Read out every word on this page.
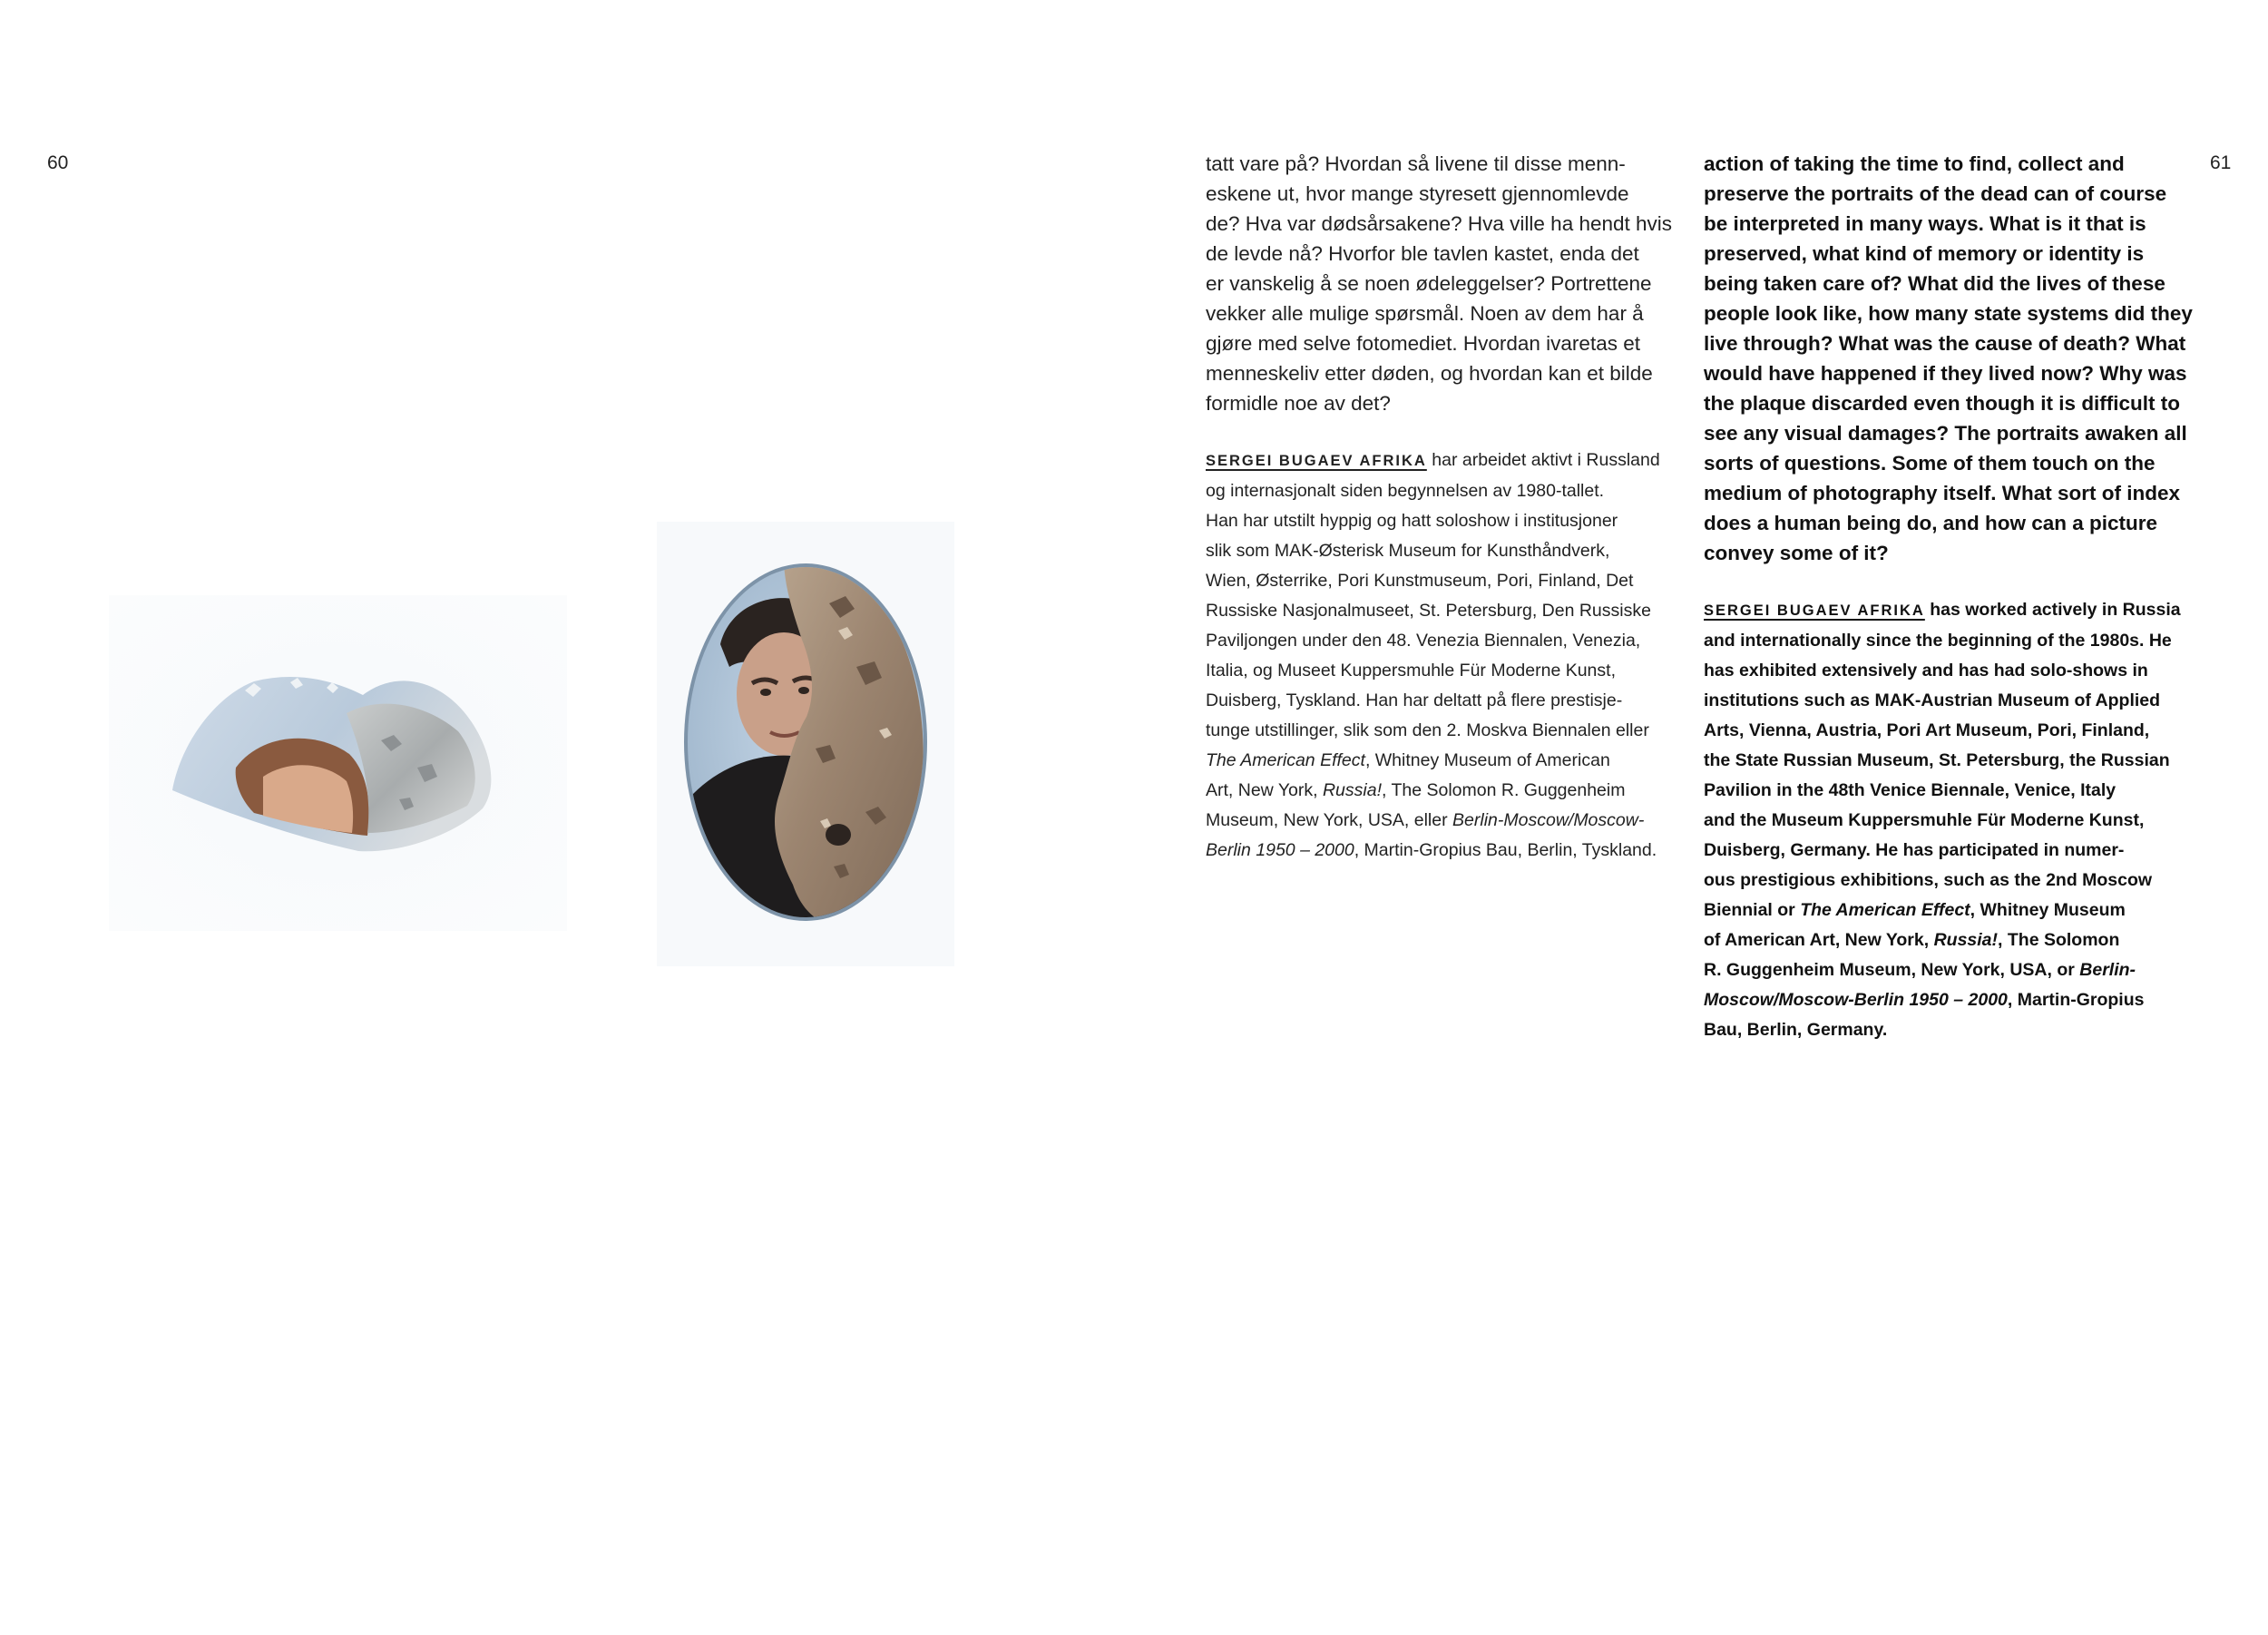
60	61

tatt vare på? Hvordan så livene til disse menn-
eskene ut, hvor mange styresett gjennomlevde
de? Hva var dødsårsakene? Hva ville ha hendt hvis
de levde nå? Hvorfor ble tavlen kastet, enda det
er vanskelig å se noen ødeleggelser? Portrettene
vekker alle mulige spørsmål. Noen av dem har å
gjøre med selve fotomediet. Hvordan ivaretas et
menneskeliv etter døden, og hvordan kan et bilde
formidle noe av det?

SERGEI BUGAEV AFRIKA har arbeidet aktivt i Russland
og internasjonalt siden begynnelsen av 1980-tallet.
Han har utstilt hyppig og hatt soloshow i institusjoner
slik som MAK-Østerisk Museum for Kunsthåndverk,
Wien, Østerrike, Pori Kunstmuseum, Pori, Finland, Det
Russiske Nasjonalmuseet, St. Petersburg, Den Russiske
Paviljongen under den 48. Venezia Biennalen, Venezia,
Italia, og Museet Kuppersmuhle Für Moderne Kunst,
Duisberg, Tyskland. Han har deltatt på flere prestisje-
tunge utstillinger, slik som den 2. Moskva Biennalen eller
The American Effect, Whitney Museum of American
Art, New York, Russia!, The Solomon R. Guggenheim
Museum, New York, USA, eller Berlin-Moscow/Moscow-
Berlin 1950 – 2000, Martin-Gropius Bau, Berlin, Tyskland.

action of taking the time to find, collect and
preserve the portraits of the dead can of course
be interpreted in many ways. What is it that is
preserved, what kind of memory or identity is
being taken care of? What did the lives of these
people look like, how many state systems did they
live through? What was the cause of death? What
would have happened if they lived now? Why was
the plaque discarded even though it is difficult to
see any visual damages? The portraits awaken all
sorts of questions. Some of them touch on the
medium of photography itself. What sort of index
does a human being do, and how can a picture
convey some of it?

SERGEI BUGAEV AFRIKA has worked actively in Russia
and internationally since the beginning of the 1980s. He
has exhibited extensively and has had solo-shows in
institutions such as MAK-Austrian Museum of Applied
Arts, Vienna, Austria, Pori Art Museum, Pori, Finland,
the State Russian Museum, St. Petersburg, the Russian
Pavilion in the 48th Venice Biennale, Venice, Italy
and the Museum Kuppersmuhle Für Moderne Kunst,
Duisberg, Germany. He has participated in numer-
ous prestigious exhibitions, such as the 2nd Moscow
Biennial or The American Effect, Whitney Museum
of American Art, New York, Russia!, The Solomon
R. Guggenheim Museum, New York, USA, or Berlin-
Moscow/Moscow-Berlin 1950 – 2000, Martin-Gropius
Bau, Berlin, Germany.
